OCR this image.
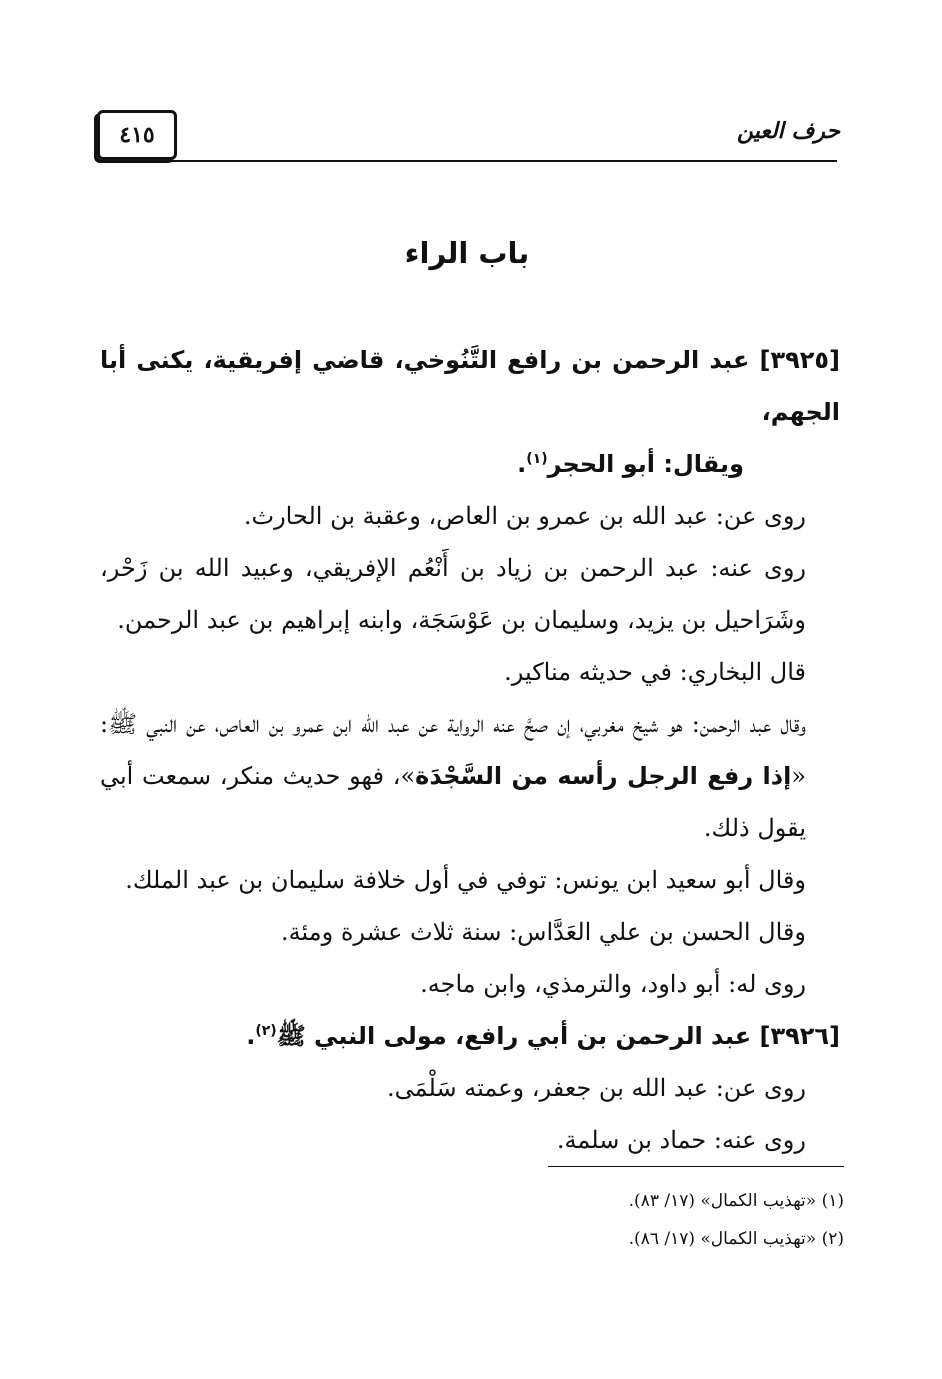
٤١٥	حرف العين
باب الراء

[٣٩٢٥] عبد الرحمن بن رافع التَّنُوخي، قاضي إفريقية، يكنى أبا الجهم،
ويقال: أبو الحجر$^{(١)}$.

روى عن: عبد الله بن عمرو بن العاص، وعقبة بن الحارث.

روى عنه: عبد الرحمن بن زياد بن أَنْعُم الإفريقي، وعبيد الله بن زَحْر، وشَرَاحيل بن يزيد، وسليمان بن عَوْسَجَة، وابنه إبراهيم بن عبد الرحمن.

قال البخاري: في حديثه مناكير.

وقال عبد الرحمن: هو شيخ مغربي، إن صحَّ عنه الرواية عن عبد الله ابن عمرو بن العاص، عن النبي ﷺ: «إذا رفع الرجل رأسه من السَّجْدَة»، فهو حديث منكر، سمعت أبي يقول ذلك.

وقال أبو سعيد ابن يونس: توفي في أول خلافة سليمان بن عبد الملك.

وقال الحسن بن علي العَدَّاس: سنة ثلاث عشرة ومئة.

روى له: أبو داود، والترمذي، وابن ماجه.

[٣٩٢٦] عبد الرحمن بن أبي رافع، مولى النبي ﷺ$^{(٢)}$.

روى عن: عبد الله بن جعفر، وعمته سَلْمَى.

روى عنه: حماد بن سلمة.

(١) «تهذيب الكمال» (١٧/ ٨٣).

(٢) «تهذيب الكمال» (١٧/ ٨٦).
